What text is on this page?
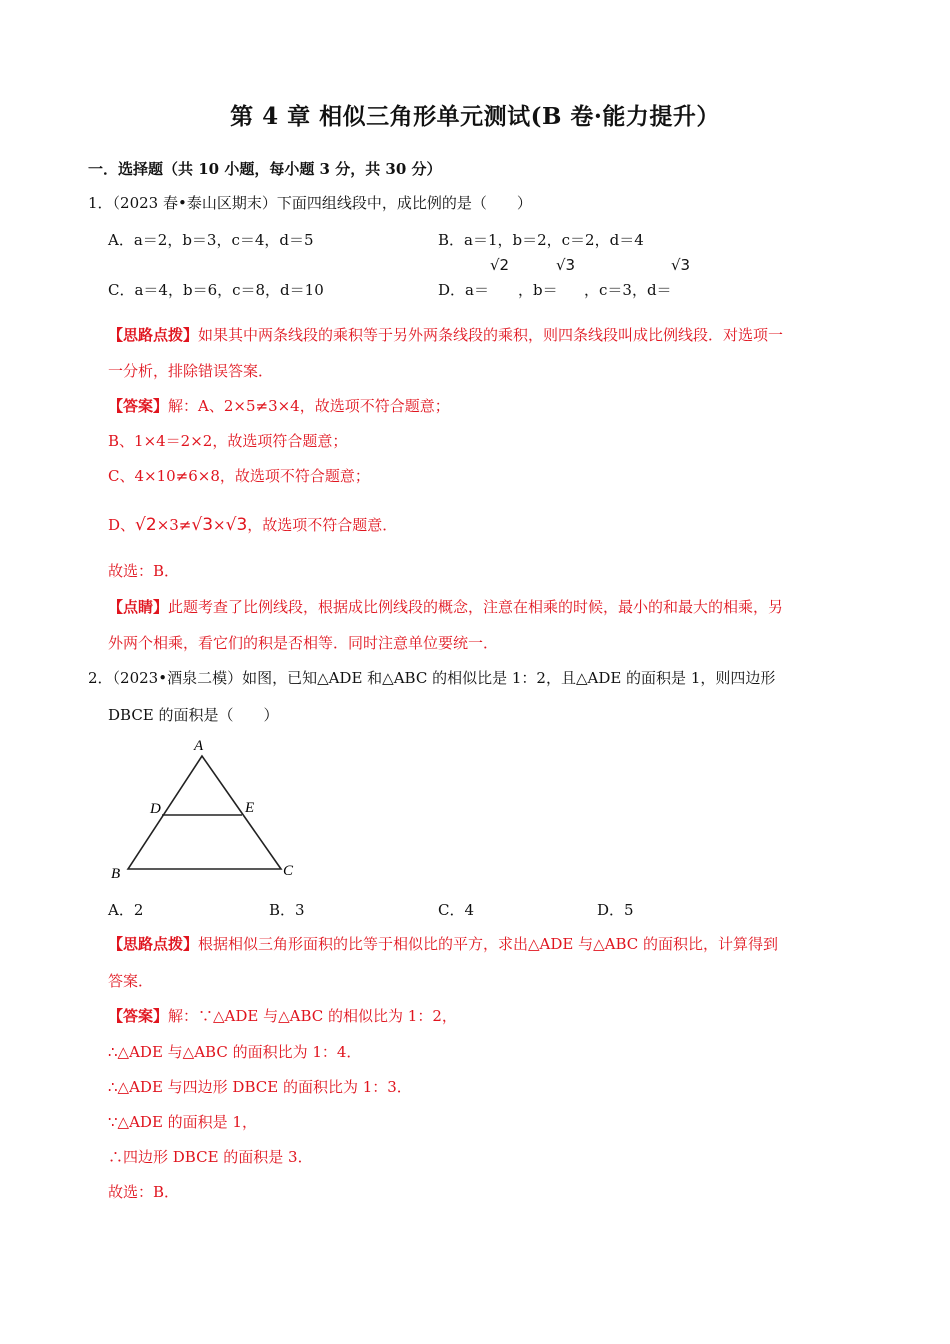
第 4 章 相似三角形单元测试(B 卷·能力提升）
一．选择题（共 10 小题，每小题 3 分，共 30 分）
1．（2023 春•泰山区期末）下面四组线段中，成比例的是（　　）
A．a＝2，b＝3，c＝4，d＝5	B．a＝1，b＝2，c＝2，d＝4
C．a＝4，b＝6，c＝8，d＝10	D．a＝
√2
，b＝
√3
，c＝3，d＝
√3
【思路点拨】如果其中两条线段的乘积等于另外两条线段的乘积，则四条线段叫成比例线段．对选项一
一分析，排除错误答案．
【答案】解：A、2×5≠3×4，故选项不符合题意；
B、1×4＝2×2，故选项符合题意；
C、4×10≠6×8，故选项不符合题意；
D、√2×3≠√3×√3，故选项不符合题意．
故选：B．
【点睛】此题考查了比例线段，根据成比例线段的概念，注意在相乘的时候，最小的和最大的相乘，另
外两个相乘，看它们的积是否相等．同时注意单位要统一．
2．（2023•酒泉二模）如图，已知△ADE 和△ABC 的相似比是 1：2，且△ADE 的面积是 1，则四边形
DBCE 的面积是（　　）
A
D	E
B	C
A．2	B．3	C．4	D．5
【思路点拨】根据相似三角形面积的比等于相似比的平方，求出△ADE 与△ABC 的面积比，计算得到
答案．
【答案】解：∵△ADE 与△ABC 的相似比为 1：2，
∴△ADE 与△ABC 的面积比为 1：4．
∴△ADE 与四边形 DBCE 的面积比为 1：3．
∵△ADE 的面积是 1，
∴四边形 DBCE 的面积是 3．
故选：B．
